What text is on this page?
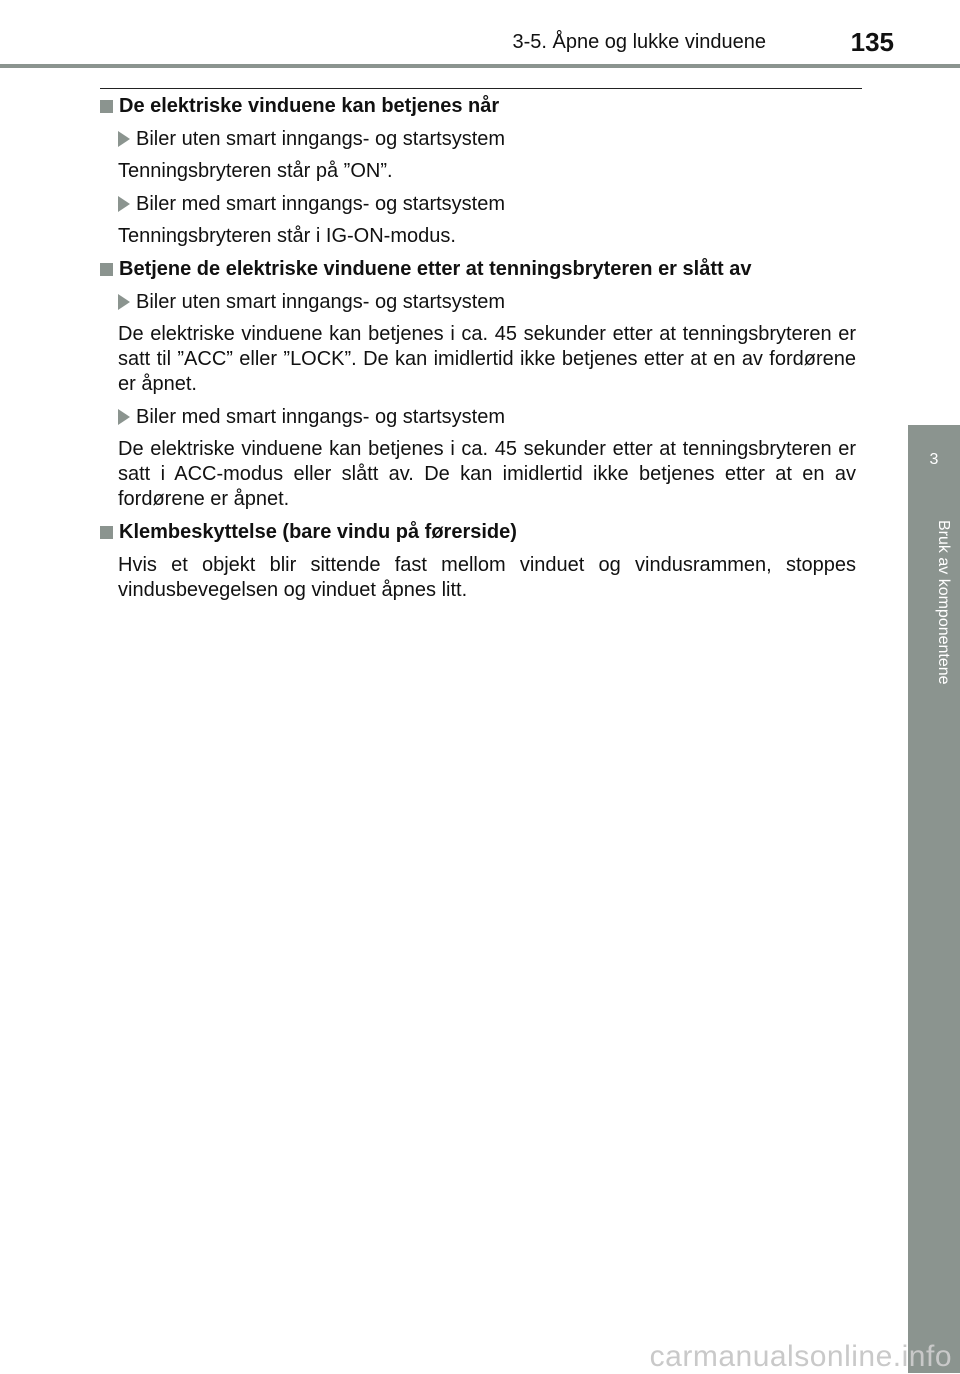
3-5. Åpne og lukke vinduene	135
3
Bruk av komponentene
De elektriske vinduene kan betjenes når
Biler uten smart inngangs- og startsystem
Tenningsbryteren står på ”ON”.
Biler med smart inngangs- og startsystem
Tenningsbryteren står i IG-ON-modus.
Betjene de elektriske vinduene etter at tenningsbryteren er slått av
Biler uten smart inngangs- og startsystem
De elektriske vinduene kan betjenes i ca. 45 sekunder etter at tenningsbryteren er satt til ”ACC” eller ”LOCK”. De kan imidlertid ikke betjenes etter at en av fordørene er åpnet.
Biler med smart inngangs- og startsystem
De elektriske vinduene kan betjenes i ca. 45 sekunder etter at tenningsbryteren er satt i ACC-modus eller slått av. De kan imidlertid ikke betjenes etter at en av fordørene er åpnet.
Klembeskyttelse (bare vindu på førerside)
Hvis et objekt blir sittende fast mellom vinduet og vindusrammen, stoppes vindusbevegelsen og vinduet åpnes litt.
carmanualsonline.info
